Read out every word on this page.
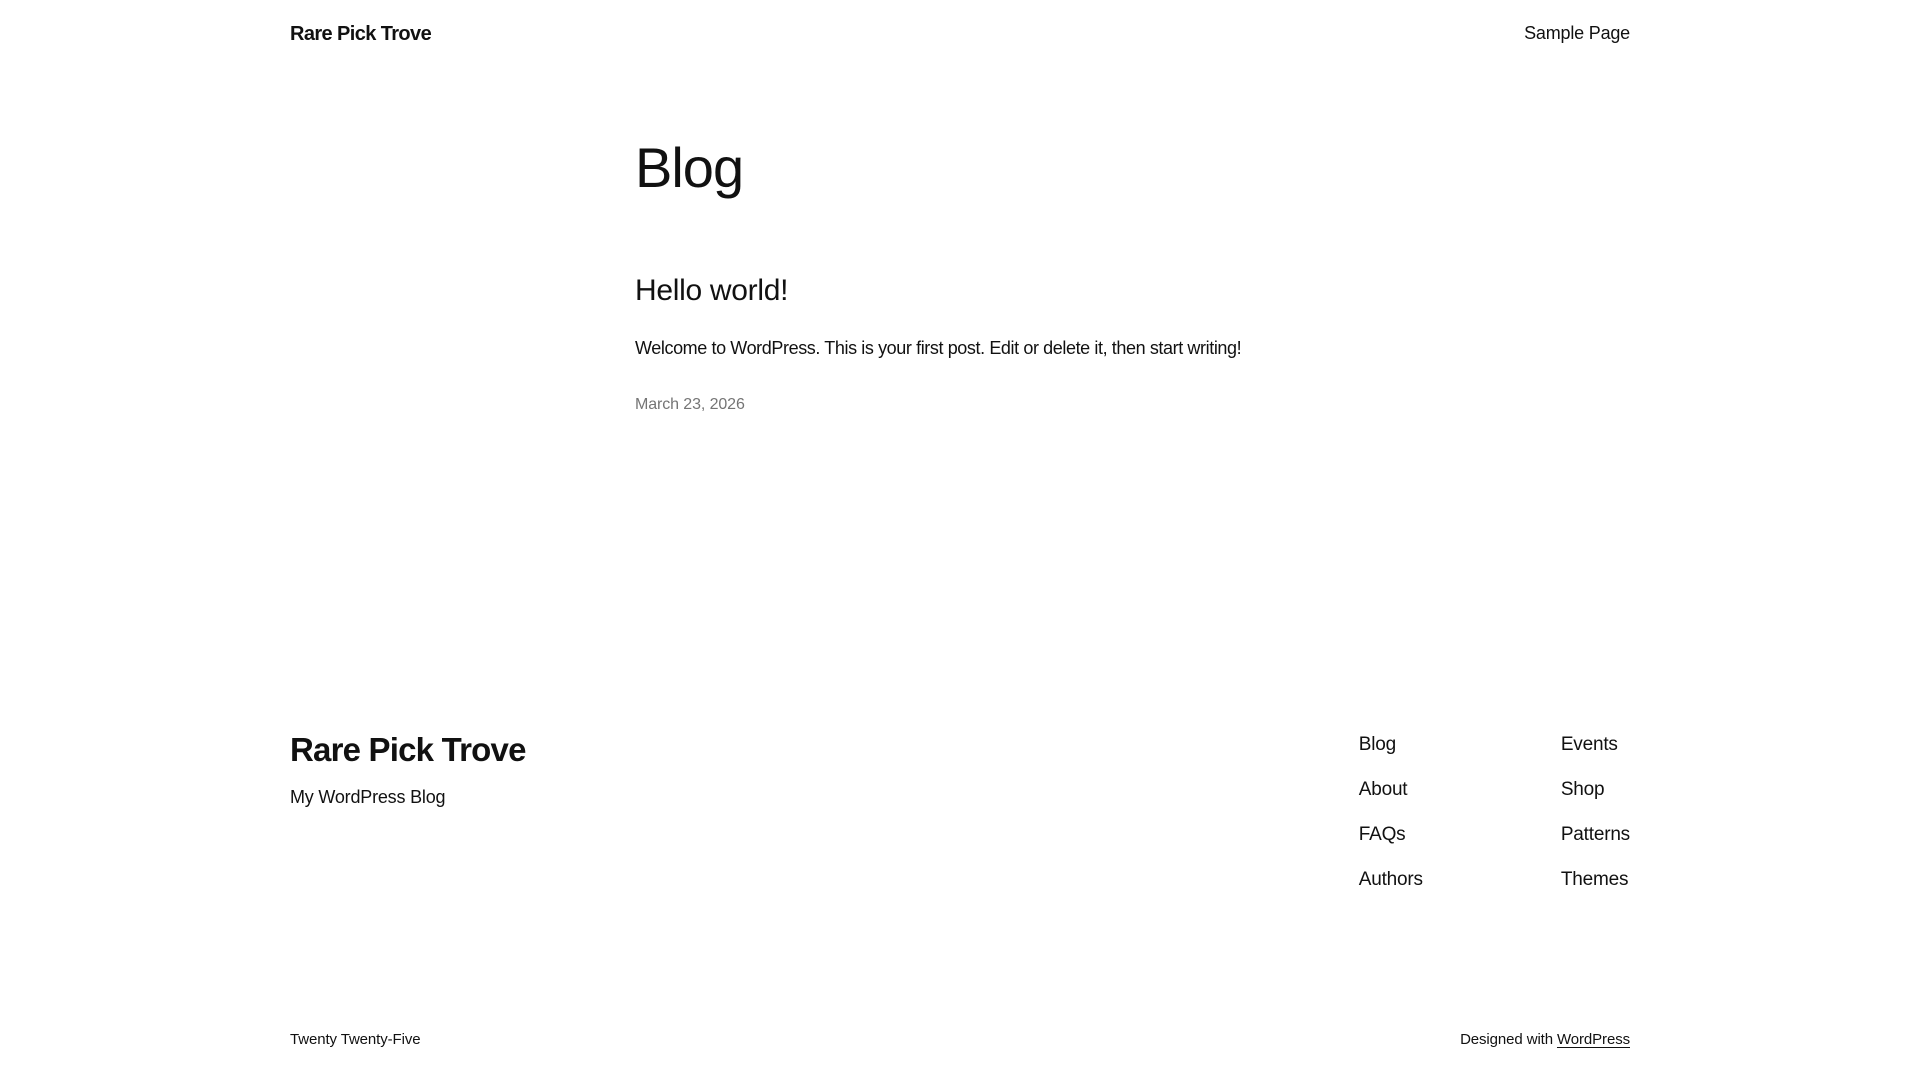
Rare Pick Trove	Sample Page
Blog
Hello world!

Welcome to WordPress. This is your first post. Edit or delete it, then start writing!

March 23, 2026
Rare Pick Trove
My WordPress Blog
Blog
About
FAQs
Authors
Events
Shop
Patterns
Themes
Twenty Twenty-Five	Designed with WordPress
